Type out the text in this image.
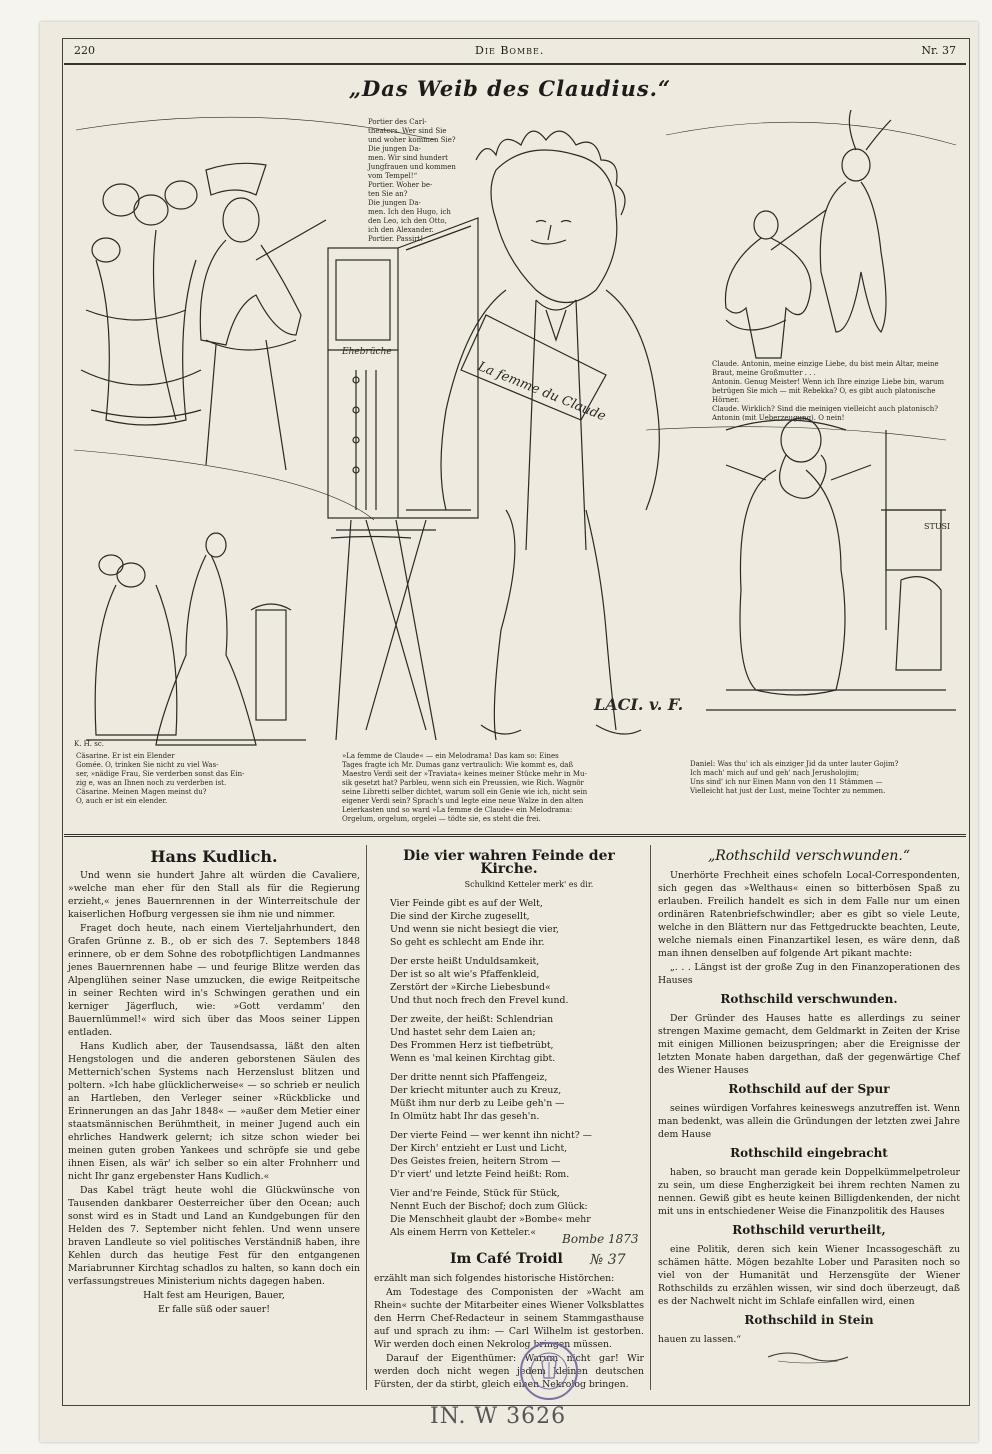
220	Die Bombe.	Nr. 37
„Das Weib des Claudius.“
Portier des Carl-
theaters. Wer sind Sie
und woher kommen Sie?
Die jungen Da-
men. Wir sind hundert
Jungfrauen und kommen
vom Tempel!“
Portier. Woher be-
ten Sie an?
Die jungen Da-
men. Ich den Hugo, ich
den Leo, ich den Otto,
ich den Alexander.
Portier. Passirt!
Ehebrüche
La femme du Claude
LACI. v. F.
K. H. sc.
STUSI
Claude. Antonin, meine einzige Liebe, du bist mein Altar, meine
Braut, meine Großmutter . . .
Antonin. Genug Meister! Wenn ich Ihre einzige Liebe bin, warum
betrügen Sie mich — mit Rebekka? O, es gibt auch platonische
Hörner.
Claude. Wirklich? Sind die meinigen vielleicht auch platonisch?
Antonin (mit Ueberzeugung). O nein!
Cäsarine. Er ist ein Elender
Gomée. O, trinken Sie nicht zu viel Was-
ser, »nädige Frau, Sie verderben sonst das Ein-
zig e, was an Ihnen noch zu verderben ist.
Cäsarine. Meinen Magen meinst du?
O, auch er ist ein elender.
»La femme de Claude« — ein Melodrama! Das kam so: Eines
Tages fragte ich Mr. Dumas ganz vertraulich: Wie kommt es, daß
Maestro Verdi seit der »Traviata« keines meiner Stücke mehr in Mu-
sik gesetzt hat? Parbleu, wenn sich ein Preussien, wie Rich. Wagnör
seine Libretti selber dichtet, warum soll ein Genie wie ich, nicht sein
eigener Verdi sein? Sprach's und legte eine neue Walze in den alten
Leierkasten und so ward »La femme de Claude« ein Melodrama:
Orgelum, orgelum, orgelei — tödte sie, es steht die frei.
Daniel: Was thu' ich als einziger Jid da unter lauter Gojim?
Ich mach' mich auf und geh' nach Jerusholojim;
Uns sind' ich nur Einen Mann von den 11 Stämmen —
Vielleicht hat just der Lust, meine Tochter zu nemmen.
Hans Kudlich.

Und wenn sie hundert Jahre alt würden die Cavaliere, »welche man eher für den Stall als für die Regierung erzieht,« jenes Bauernrennen in der Winterreitschule der kaiserlichen Hofburg vergessen sie ihm nie und nimmer.

Fraget doch heute, nach einem Vierteljahrhundert, den Grafen Grünne z. B., ob er sich des 7. Septembers 1848 erinnere, ob er dem Sohne des robotpflichtigen Landmannes jenes Bauernrennen habe — und feurige Blitze werden das Alpenglühen seiner Nase umzucken, die ewige Reitpeitsche in seiner Rechten wird in's Schwingen gerathen und ein kerniger Jägerfluch, wie: »Gott verdamm' den Bauernlümmel!« wird sich über das Moos seiner Lippen entladen.

Hans Kudlich aber, der Tausendsassa, läßt den alten Hengstologen und die anderen geborstenen Säulen des Metternich'schen Systems nach Herzenslust blitzen und poltern. »Ich habe glücklicherweise« — so schrieb er neulich an Hartleben, den Verleger seiner »Rückblicke und Erinnerungen an das Jahr 1848« — »außer dem Metier einer staatsmännischen Berühmtheit, in meiner Jugend auch ein ehrliches Handwerk gelernt; ich sitze schon wieder bei meinen guten groben Yankees und schröpfe sie und gebe ihnen Eisen, als wär' ich selber so ein alter Frohnherr und nicht Ihr ganz ergebenster Hans Kudlich.«

Das Kabel trägt heute wohl die Glückwünsche von Tausenden dankbarer Oesterreicher über den Ocean; auch sonst wird es in Stadt und Land an Kundgebungen für den Helden des 7. September nicht fehlen. Und wenn unsere braven Landleute so viel politisches Verständniß haben, ihre Kehlen durch das heutige Fest für den entgangenen Mariabrunner Kirchtag schadlos zu halten, so kann doch ein verfassungstreues Ministerium nichts dagegen haben.

Halt fest am Heurigen, Bauer,

Er falle süß oder sauer!

Die vier wahren Feinde der Kirche.
Schulkind Ketteler merk' es dir.

Vier Feinde gibt es auf der Welt,

Die sind der Kirche zugesellt,

Und wenn sie nicht besiegt die vier,

So geht es schlecht am Ende ihr.

Der erste heißt Unduldsamkeit,

Der ist so alt wie's Pfaffenkleid,

Zerstört der »Kirche Liebesbund«

Und thut noch frech den Frevel kund.

Der zweite, der heißt: Schlendrian

Und hastet sehr dem Laien an;

Des Frommen Herz ist tiefbetrübt,

Wenn es 'mal keinen Kirchtag gibt.

Der dritte nennt sich Pfaffengeiz,

Der kriecht mitunter auch zu Kreuz,

Müßt ihm nur derb zu Leibe geh'n —

In Olmütz habt Ihr das geseh'n.

Der vierte Feind — wer kennt ihn nicht? —

Der Kirch' entzieht er Lust und Licht,

Des Geistes freien, heitern Strom —

D'r viert' und letzte Feind heißt: Rom.

Vier and're Feinde, Stück für Stück,

Nennt Euch der Bischof; doch zum Glück:

Die Menschheit glaubt der »Bombe« mehr

Als einem Herrn von Ketteler.«

Im Café Troidl

erzählt man sich folgendes historische Histörchen:

Am Todestage des Componisten der »Wacht am Rhein« suchte der Mitarbeiter eines Wiener Volksblattes den Herrn Chef-Redacteur in seinem Stammgasthause auf und sprach zu ihm: — Carl Wilhelm ist gestorben. Wir werden doch einen Nekrolog bringen müssen.

Darauf der Eigenthümer: Warum nicht gar! Wir werden doch nicht wegen jedem kleinen deutschen Fürsten, der da stirbt, gleich einen Nekrolog bringen.

Bombe 1873
№ 37
„Rothschild verschwunden.“

Unerhörte Frechheit eines schofeln Local-Correspondenten, sich gegen das »Welthaus« einen so bitterbösen Spaß zu erlauben. Freilich handelt es sich in dem Falle nur um einen ordinären Ratenbriefschwindler; aber es gibt so viele Leute, welche in den Blättern nur das Fettgedruckte beachten, Leute, welche niemals einen Finanzartikel lesen, es wäre denn, daß man ihnen denselben auf folgende Art pikant machte:

„. . . Längst ist der große Zug in den Finanzoperationen des Hauses

Rothschild verschwunden.

Der Gründer des Hauses hatte es allerdings zu seiner strengen Maxime gemacht, dem Geldmarkt in Zeiten der Krise mit einigen Millionen beizuspringen; aber die Ereignisse der letzten Monate haben dargethan, daß der gegenwärtige Chef des Wiener Hauses

Rothschild auf der Spur

seines würdigen Vorfahres keineswegs anzutreffen ist. Wenn man bedenkt, was allein die Gründungen der letzten zwei Jahre dem Hause

Rothschild eingebracht

haben, so braucht man gerade kein Doppelkümmelpetroleur zu sein, um diese Engherzigkeit bei ihrem rechten Namen zu nennen. Gewiß gibt es heute keinen Billigdenkenden, der nicht mit uns in entschiedener Weise die Finanzpolitik des Hauses

Rothschild verurtheilt,

eine Politik, deren sich kein Wiener Incassogeschäft zu schämen hätte. Mögen bezahlte Lober und Parasiten noch so viel von der Humanität und Herzensgüte der Wiener Rothschilds zu erzählen wissen, wir sind doch überzeugt, daß es der Nachwelt nicht im Schlafe einfallen wird, einen

Rothschild in Stein

hauen zu lassen.“

IN. W 3626
